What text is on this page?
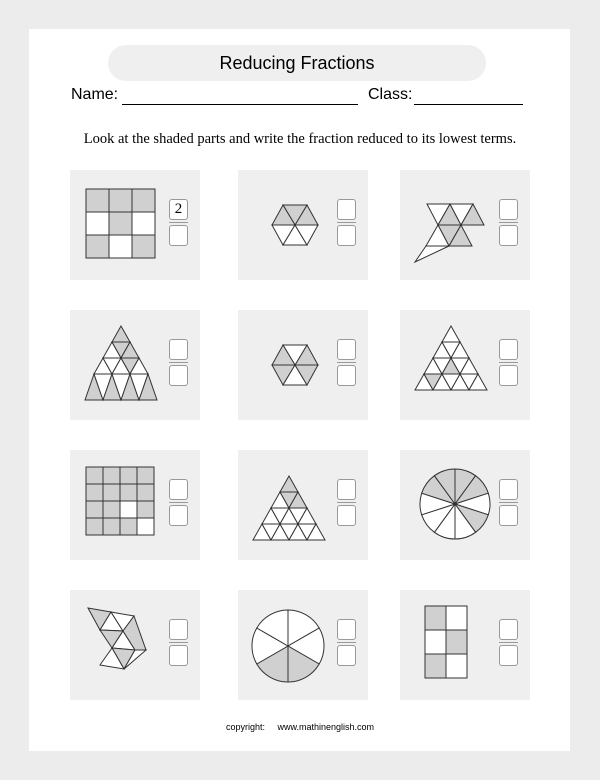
Reducing Fractions
Name:	Class:
Look at the shaded parts and write the fraction reduced to its lowest terms.
2
copyright: www.mathinenglish.com
